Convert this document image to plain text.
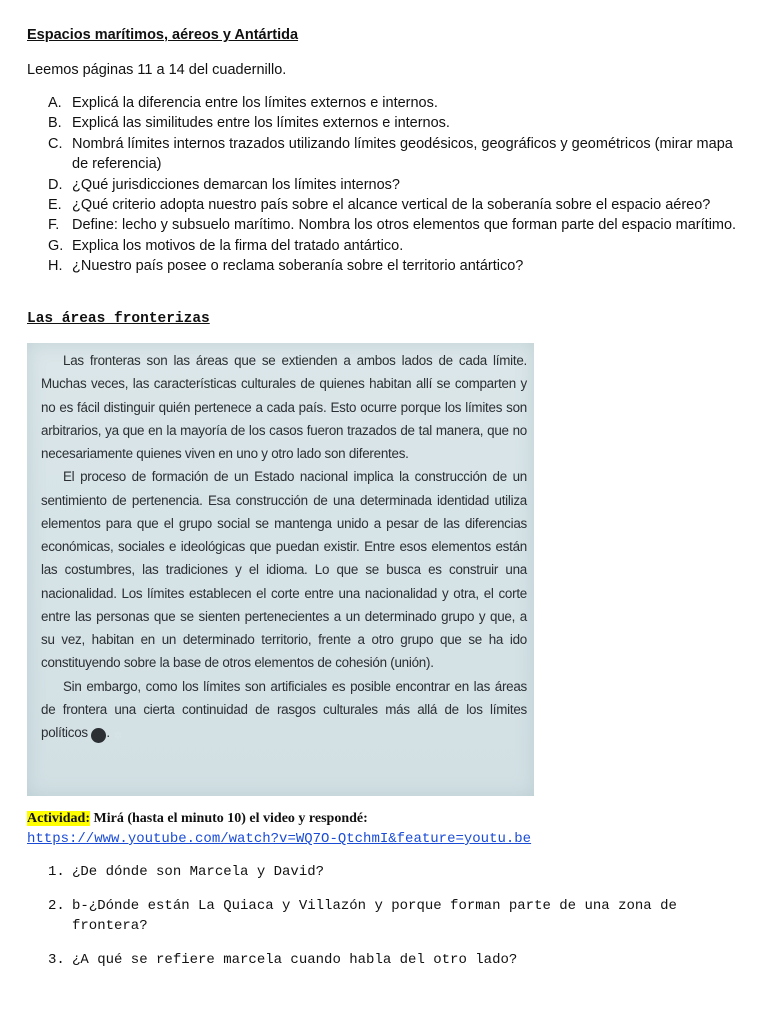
Espacios marítimos, aéreos y Antártida
Leemos páginas 11 a 14 del cuadernillo.
A. Explicá la diferencia entre los límites externos e internos.
B. Explicá las similitudes entre los límites externos e internos.
C. Nombrá límites internos trazados utilizando límites geodésicos, geográficos y geométricos (mirar mapa de referencia)
D. ¿Qué jurisdicciones demarcan los límites internos?
E. ¿Qué criterio adopta nuestro país sobre el alcance vertical de la soberanía sobre el espacio aéreo?
F. Define: lecho y subsuelo marítimo. Nombra los otros elementos que forman parte del espacio marítimo.
G. Explica los motivos de la firma del tratado antártico.
H. ¿Nuestro país posee o reclama soberanía sobre el territorio antártico?
Las áreas fronterizas

Las fronteras son las áreas que se extienden a ambos lados de cada límite. Muchas veces, las características culturales de quienes habitan allí se comparten y no es fácil distinguir quién pertenece a cada país. Esto ocurre porque los límites son arbitrarios, ya que en la mayoría de los casos fueron trazados de tal manera, que no necesariamente quienes viven en uno y otro lado son diferentes.

El proceso de formación de un Estado nacional implica la construcción de un sentimiento de pertenencia. Esa construcción de una determinada identidad utiliza elementos para que el grupo social se mantenga unido a pesar de las diferencias económicas, sociales e ideológicas que puedan existir. Entre esos elementos están las costumbres, las tradiciones y el idioma. Lo que se busca es construir una nacionalidad. Los límites establecen el corte entre una nacionalidad y otra, el corte entre las personas que se sienten pertenecientes a un determinado grupo y que, a su vez, habitan en un determinado territorio, frente a otro grupo que se ha ido constituyendo sobre la base de otros elementos de cohesión (unión).

Sin embargo, como los límites son artificiales es posible encontrar en las áreas de frontera una cierta continuidad de rasgos culturales más allá de los límites políticos ✲.

Actividad: Mirá (hasta el minuto 10) el video y respondé:
https://www.youtube.com/watch?v=WQ7O-QtchmI&feature=youtu.be
1. ¿De dónde son Marcela y David?
2. b-¿Dónde están La Quiaca y Villazón y porque forman parte de una zona de frontera?
3. ¿A qué se refiere marcela cuando habla del otro lado?
